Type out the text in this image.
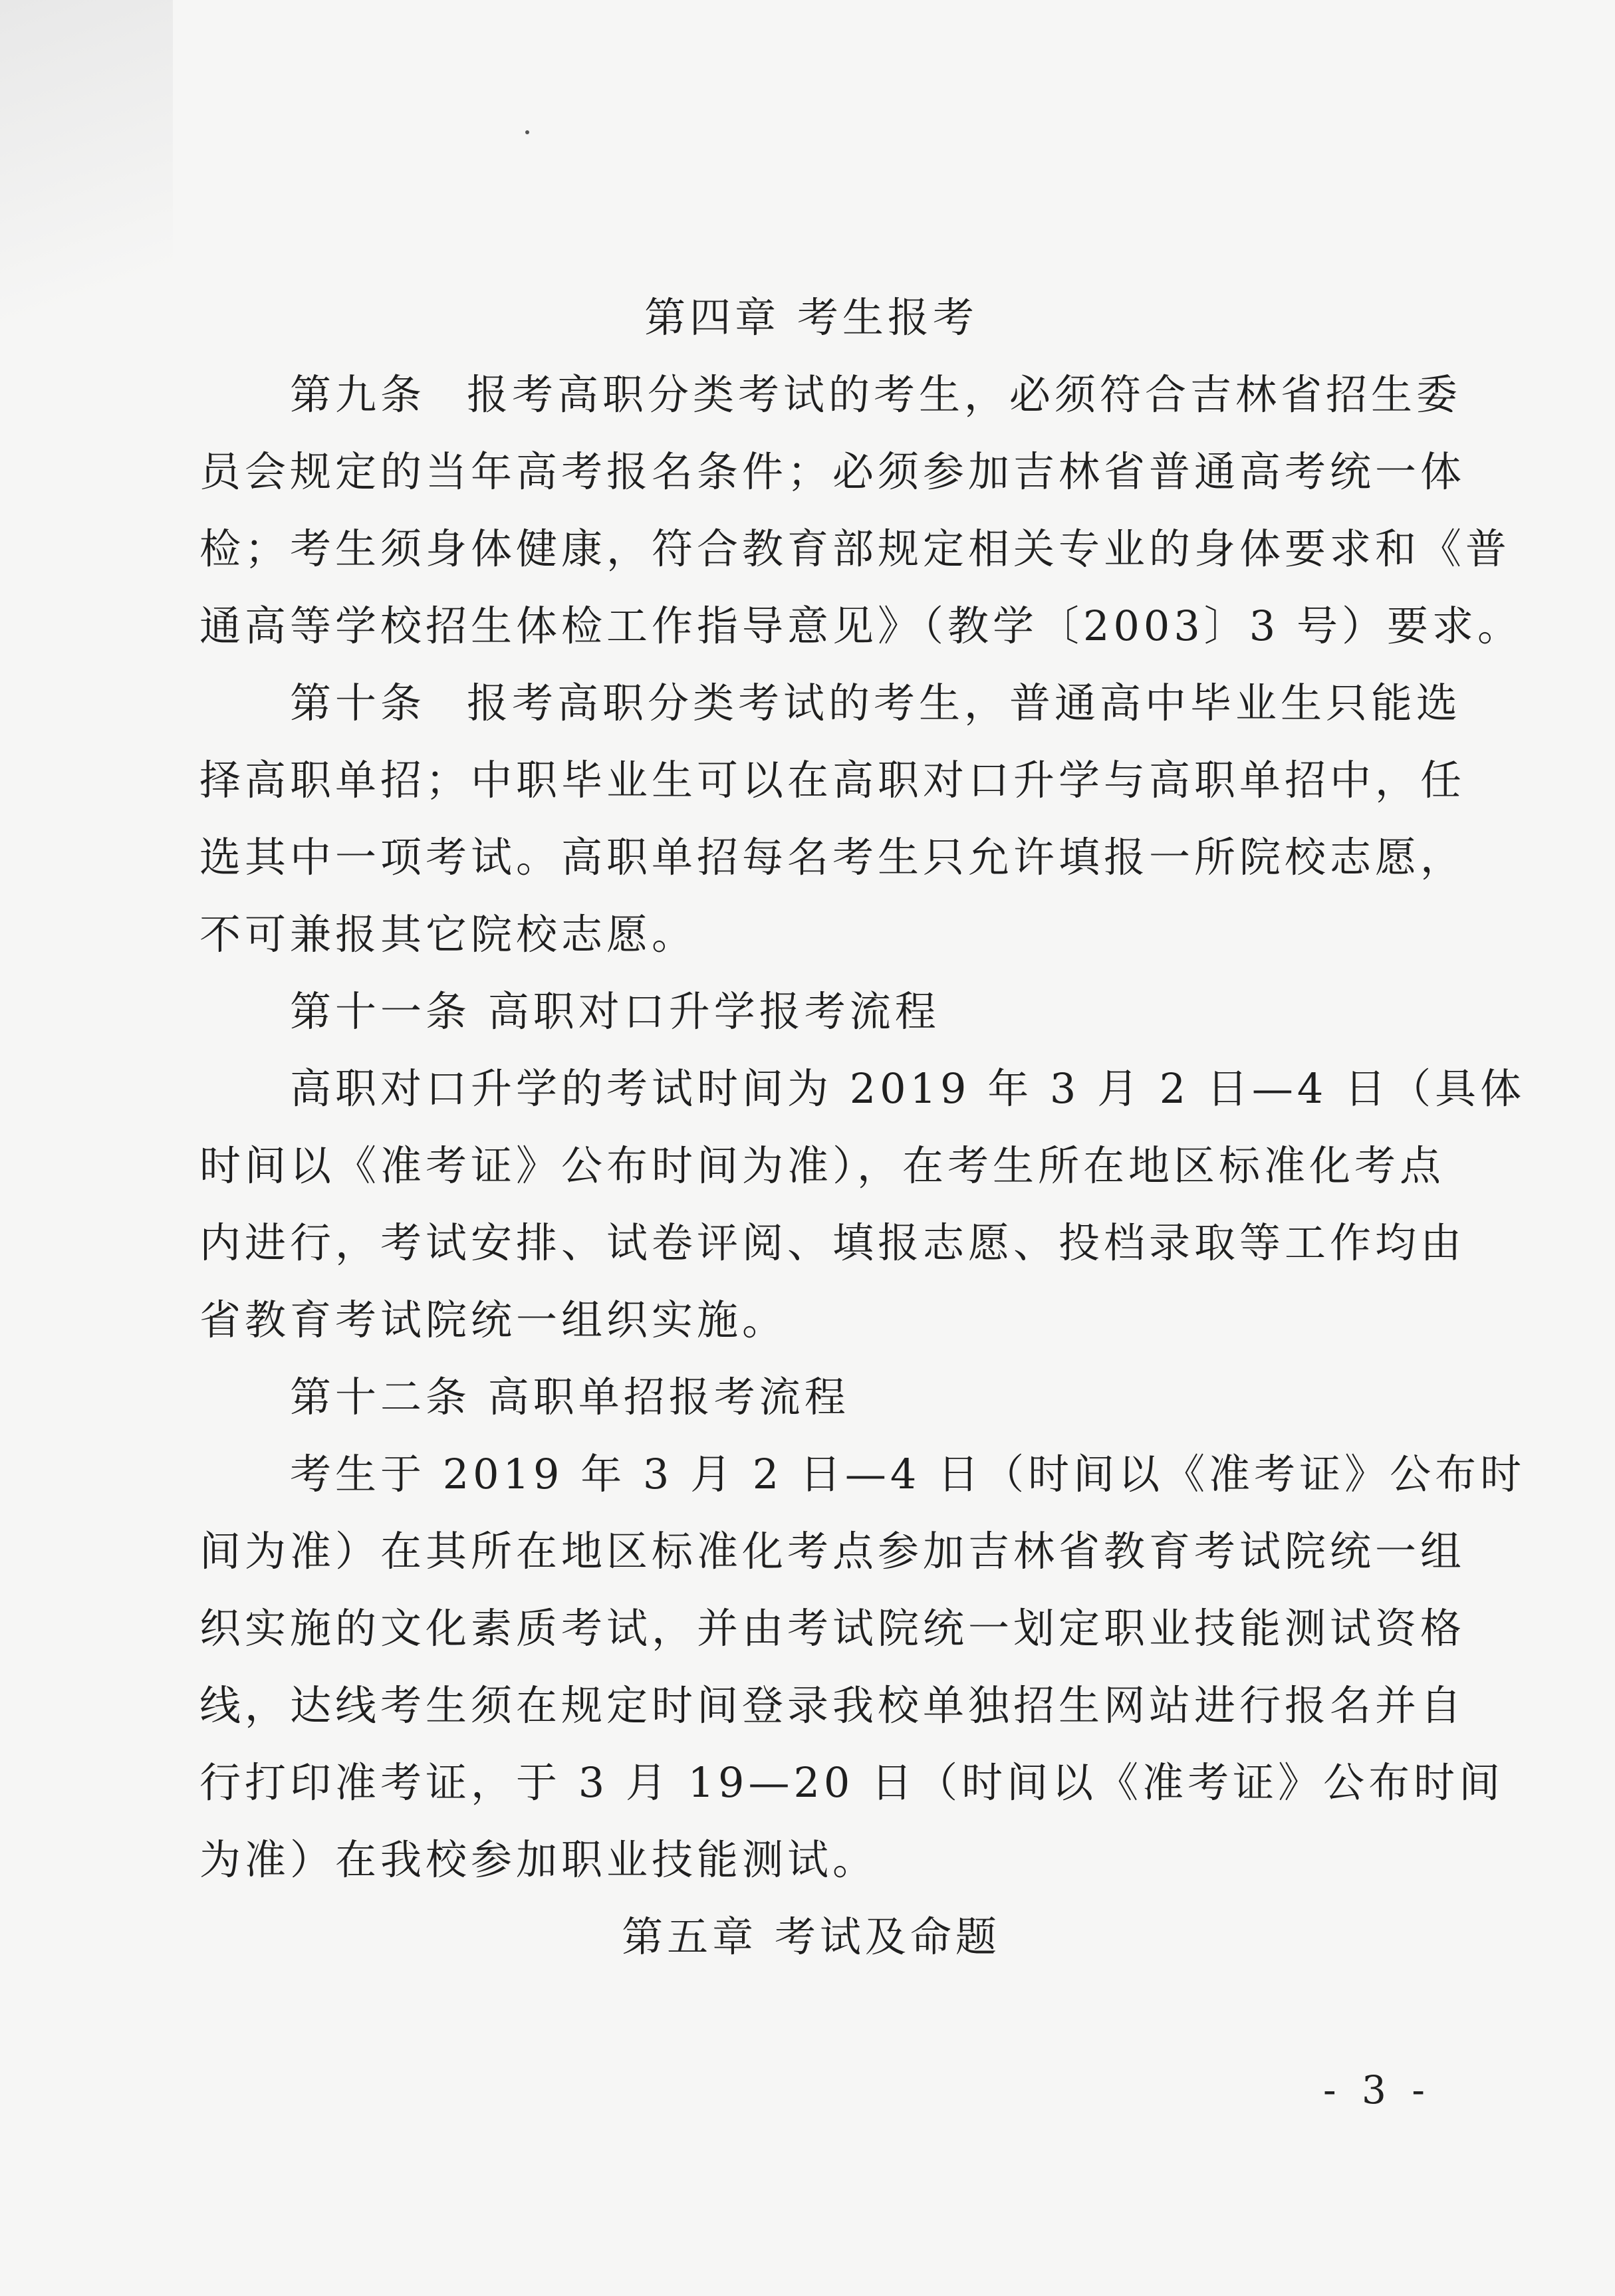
第四章 考生报考
第九条 报考高职分类考试的考生，必须符合吉林省招生委
员会规定的当年高考报名条件；必须参加吉林省普通高考统一体
检；考生须身体健康，符合教育部规定相关专业的身体要求和《普
通高等学校招生体检工作指导意见》（教学〔2003〕3 号）要求。
第十条 报考高职分类考试的考生，普通高中毕业生只能选
择高职单招；中职毕业生可以在高职对口升学与高职单招中，任
选其中一项考试。高职单招每名考生只允许填报一所院校志愿，
不可兼报其它院校志愿。
第十一条 高职对口升学报考流程
高职对口升学的考试时间为 2019 年 3 月 2 日—4 日（具体
时间以《准考证》公布时间为准），在考生所在地区标准化考点
内进行，考试安排、试卷评阅、填报志愿、投档录取等工作均由
省教育考试院统一组织实施。
第十二条 高职单招报考流程
考生于 2019 年 3 月 2 日—4 日（时间以《准考证》公布时
间为准）在其所在地区标准化考点参加吉林省教育考试院统一组
织实施的文化素质考试，并由考试院统一划定职业技能测试资格
线，达线考生须在规定时间登录我校单独招生网站进行报名并自
行打印准考证，于 3 月 19—20 日（时间以《准考证》公布时间
为准）在我校参加职业技能测试。
第五章 考试及命题
- 3 -
